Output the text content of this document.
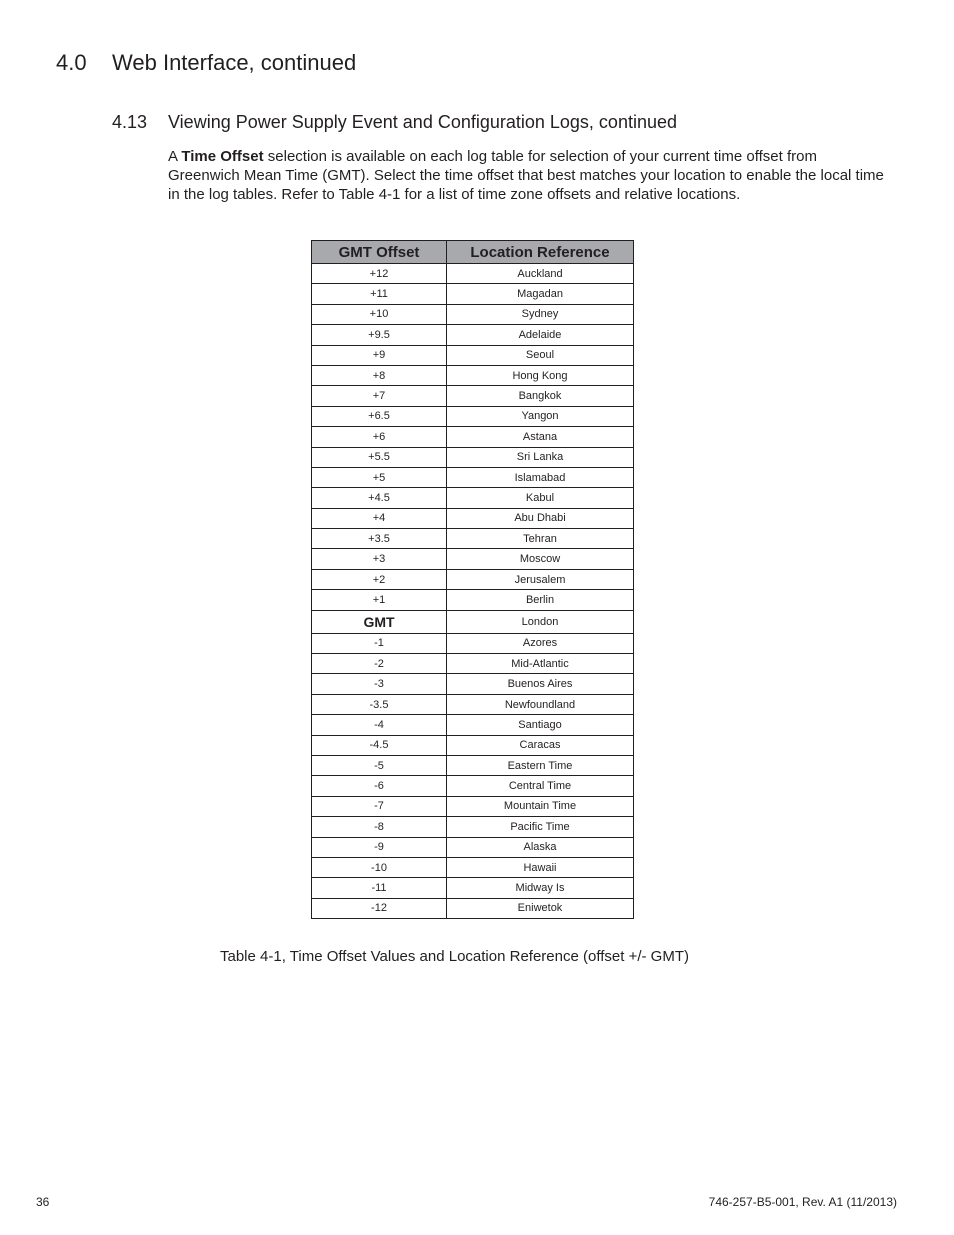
4.0 Web Interface, continued
4.13 Viewing Power Supply Event and Configuration Logs, continued

A Time Offset selection is available on each log table for selection of your current time offset from Greenwich Mean Time (GMT). Select the time offset that best matches your location to enable the local time in the log tables. Refer to Table 4-1 for a list of time zone offsets and relative locations.

GMT Offset	Location Reference
+12	Auckland
+11	Magadan
+10	Sydney
+9.5	Adelaide
+9	Seoul
+8	Hong Kong
+7	Bangkok
+6.5	Yangon
+6	Astana
+5.5	Sri Lanka
+5	Islamabad
+4.5	Kabul
+4	Abu Dhabi
+3.5	Tehran
+3	Moscow
+2	Jerusalem
+1	Berlin
GMT	London
-1	Azores
-2	Mid-Atlantic
-3	Buenos Aires
-3.5	Newfoundland
-4	Santiago
-4.5	Caracas
-5	Eastern Time
-6	Central Time
-7	Mountain Time
-8	Pacific Time
-9	Alaska
-10	Hawaii
-11	Midway Is
-12	Eniwetok

Table 4-1, Time Offset Values and Location Reference (offset +/- GMT)

36	746-257-B5-001, Rev. A1 (11/2013)
